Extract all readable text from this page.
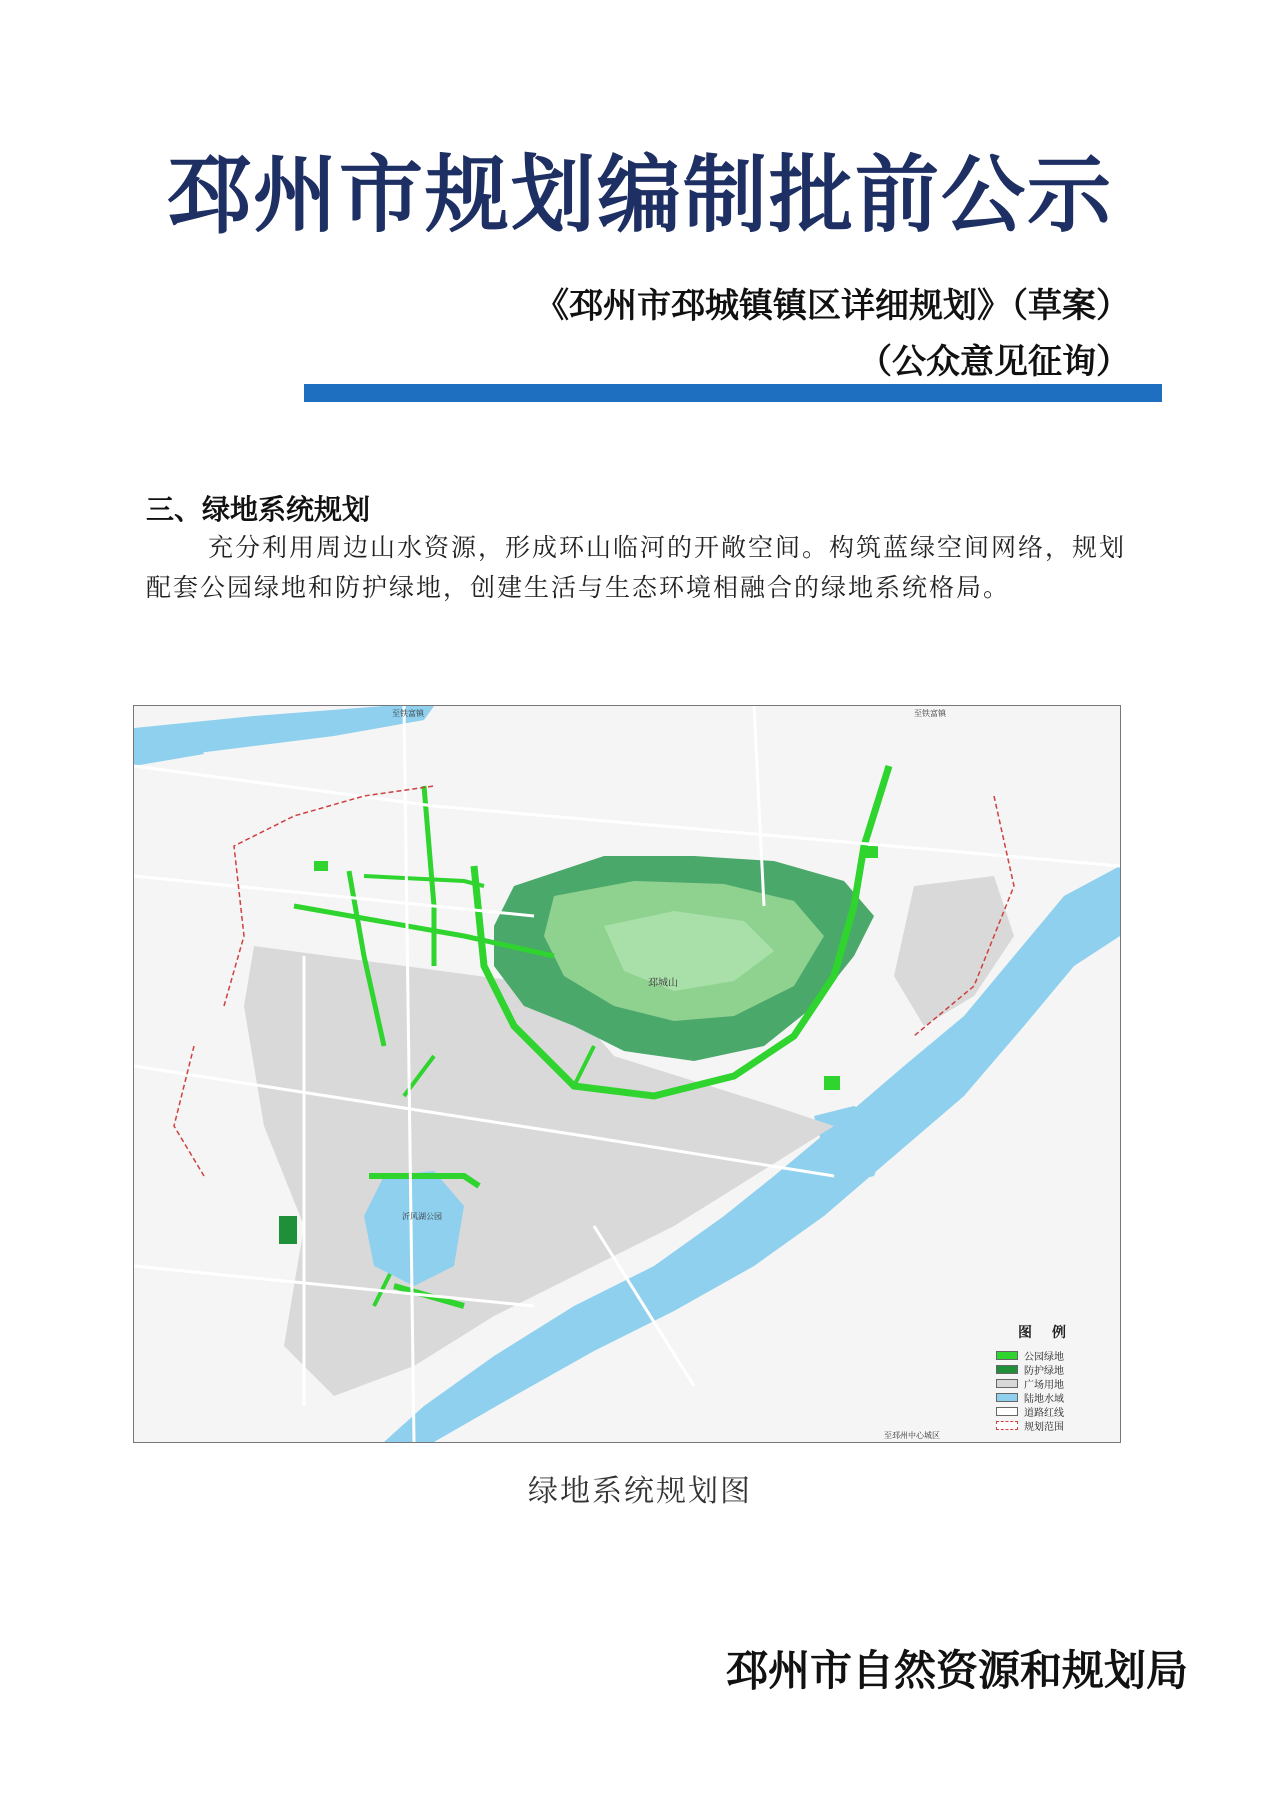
邳州市规划编制批前公示
《邳州市邳城镇镇区详细规划》（草案）
（公众意见征询）
三、绿地系统规划
充分利用周边山水资源，形成环山临河的开敞空间。构筑蓝绿空间网络，规划配套公园绿地和防护绿地，创建生活与生态环境相融合的绿地系统格局。
至铁富镇	至铁富镇
邳城山
沂风湖公园
至邳州中心城区
图例
公园绿地
防护绿地
广场用地
陆地水域
道路红线
规划范围
绿地系统规划图
邳州市自然资源和规划局
